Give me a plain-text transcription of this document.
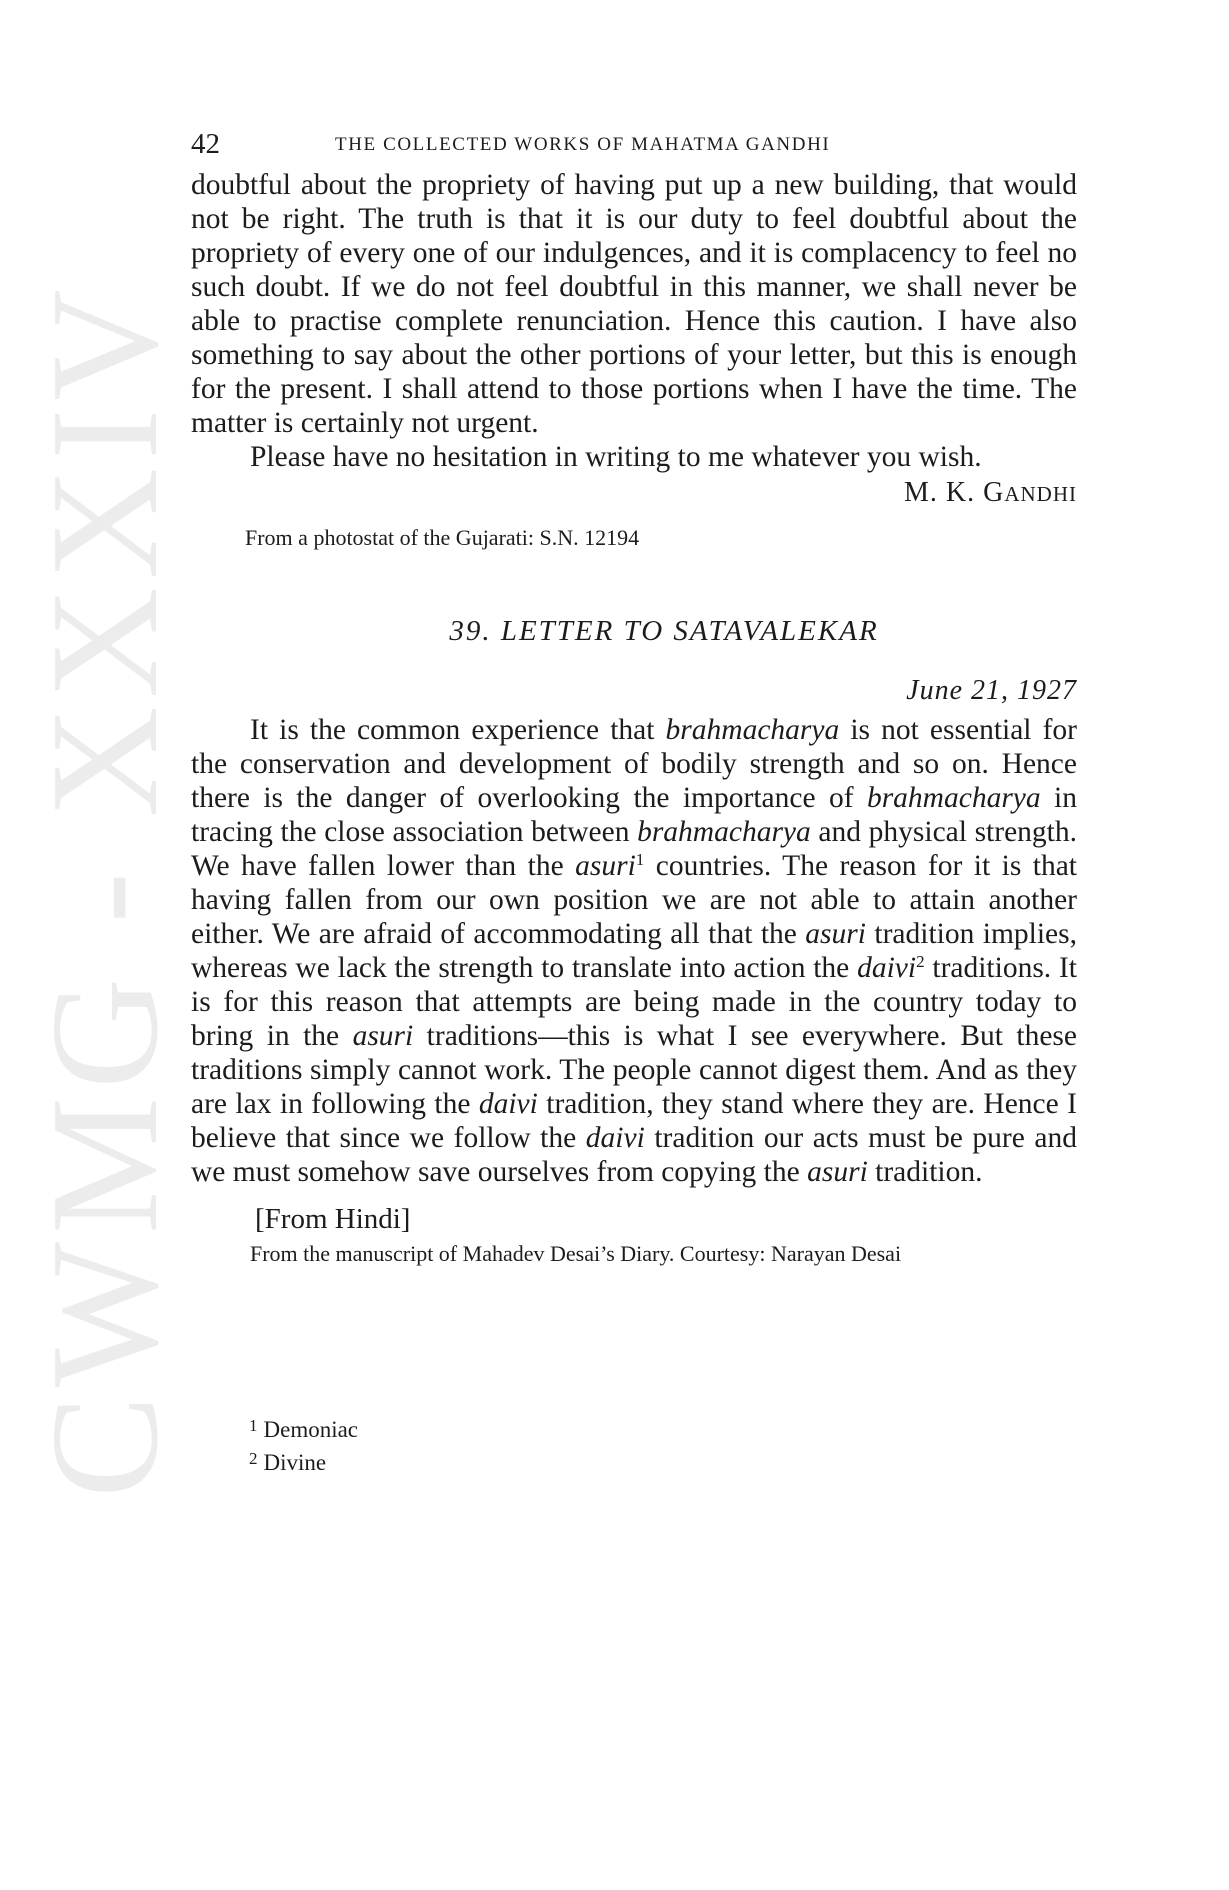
CWMG - XXXIV
42	THE COLLECTED WORKS OF MAHATMA GANDHI

doubtful about the propriety of having put up a new building, that would not be right. The truth is that it is our duty to feel doubtful about the propriety of every one of our indulgences, and it is complacency to feel no such doubt. If we do not feel doubtful in this manner, we shall never be able to practise complete renunciation. Hence this caution. I have also something to say about the other portions of your letter, but this is enough for the present. I shall attend to those portions when I have the time. The matter is certainly not urgent.

Please have no hesitation in writing to me whatever you wish.

M. K. GANDHI
From a photostat of the Gujarati: S.N. 12194
39. LETTER TO SATAVALEKAR
June 21, 1927

It is the common experience that brahmacharya is not essential for the conservation and development of bodily strength and so on. Hence there is the danger of overlooking the importance of brahmacharya in tracing the close association between brahmacharya and physical strength. We have fallen lower than the asuri$^1$ countries. The reason for it is that having fallen from our own position we are not able to attain another either. We are afraid of accommodating all that the asuri tradition implies, whereas we lack the strength to translate into action the daivi$^2$ traditions. It is for this reason that attempts are being made in the country today to bring in the asuri traditions—this is what I see everywhere. But these traditions simply cannot work. The people cannot digest them. And as they are lax in following the daivi tradition, they stand where they are. Hence I believe that since we follow the daivi tradition our acts must be pure and we must somehow save ourselves from copying the asuri tradition.

[From Hindi]

From the manuscript of Mahadev Desai’s Diary. Courtesy: Narayan Desai

$^1$ Demoniac
$^2$ Divine
